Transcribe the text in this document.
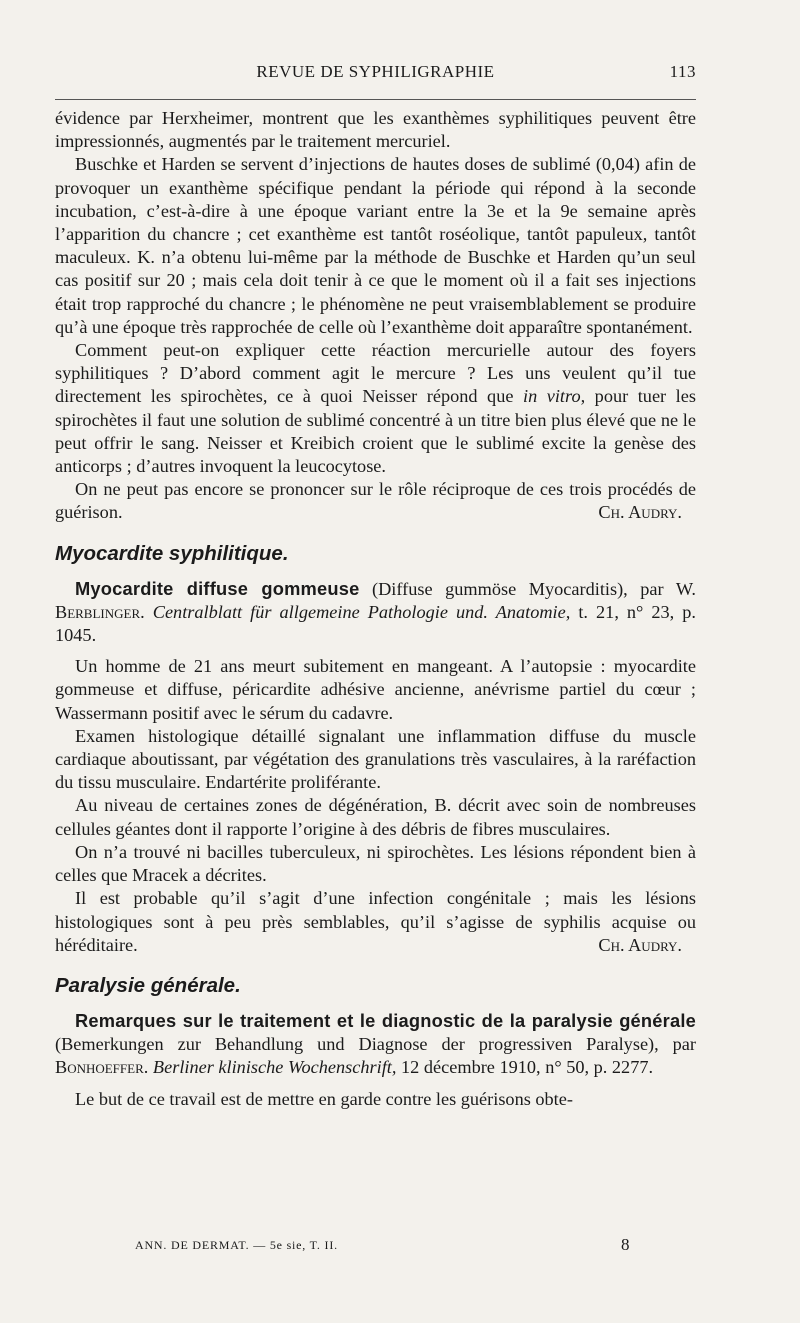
REVUE DE SYPHILIGRAPHIE	113

évidence par Herxheimer, montrent que les exanthèmes syphilitiques peuvent être impressionnés, augmentés par le traitement mercuriel.

Buschke et Harden se servent d’injections de hautes doses de sublimé (0,04) afin de provoquer un exanthème spécifique pendant la période qui répond à la seconde incubation, c’est-à-dire à une époque variant entre la 3e et la 9e semaine après l’apparition du chancre ; cet exanthème est tantôt roséolique, tantôt papuleux, tantôt maculeux. K. n’a obtenu lui-même par la méthode de Buschke et Harden qu’un seul cas positif sur 20 ; mais cela doit tenir à ce que le moment où il a fait ses injections était trop rapproché du chancre ; le phénomène ne peut vraisemblablement se produire qu’à une époque très rapprochée de celle où l’exanthème doit apparaître spontanément.

Comment peut-on expliquer cette réaction mercurielle autour des foyers syphilitiques ? D’abord comment agit le mercure ? Les uns veulent qu’il tue directement les spirochètes, ce à quoi Neisser répond que in vitro, pour tuer les spirochètes il faut une solution de sublimé concentré à un titre bien plus élevé que ne le peut offrir le sang. Neisser et Kreibich croient que le sublimé excite la genèse des anticorps ; d’autres invoquent la leucocytose.

On ne peut pas encore se prononcer sur le rôle réciproque de ces trois procédés de guérison.	Ch. Audry.

Myocardite syphilitique.

Myocardite diffuse gommeuse (Diffuse gummöse Myocarditis), par W. Berblinger. Centralblatt für allgemeine Pathologie und. Anatomie, t. 21, n° 23, p. 1045.

Un homme de 21 ans meurt subitement en mangeant. A l’autopsie : myocardite gommeuse et diffuse, péricardite adhésive ancienne, anévrisme partiel du cœur ; Wassermann positif avec le sérum du cadavre.

Examen histologique détaillé signalant une inflammation diffuse du muscle cardiaque aboutissant, par végétation des granulations très vasculaires, à la raréfaction du tissu musculaire. Endartérite proliférante.

Au niveau de certaines zones de dégénération, B. décrit avec soin de nombreuses cellules géantes dont il rapporte l’origine à des débris de fibres musculaires.

On n’a trouvé ni bacilles tuberculeux, ni spirochètes. Les lésions répondent bien à celles que Mracek a décrites.

Il est probable qu’il s’agit d’une infection congénitale ; mais les lésions histologiques sont à peu près semblables, qu’il s’agisse de syphilis acquise ou héréditaire.	Ch. Audry.

Paralysie générale.

Remarques sur le traitement et le diagnostic de la paralysie générale (Bemerkungen zur Behandlung und Diagnose der progressiven Paralyse), par Bonhoeffer. Berliner klinische Wochenschrift, 12 décembre 1910, n° 50, p. 2277.

Le but de ce travail est de mettre en garde contre les guérisons obte-

ANN. DE DERMAT. — 5e sie, T. II.	8
